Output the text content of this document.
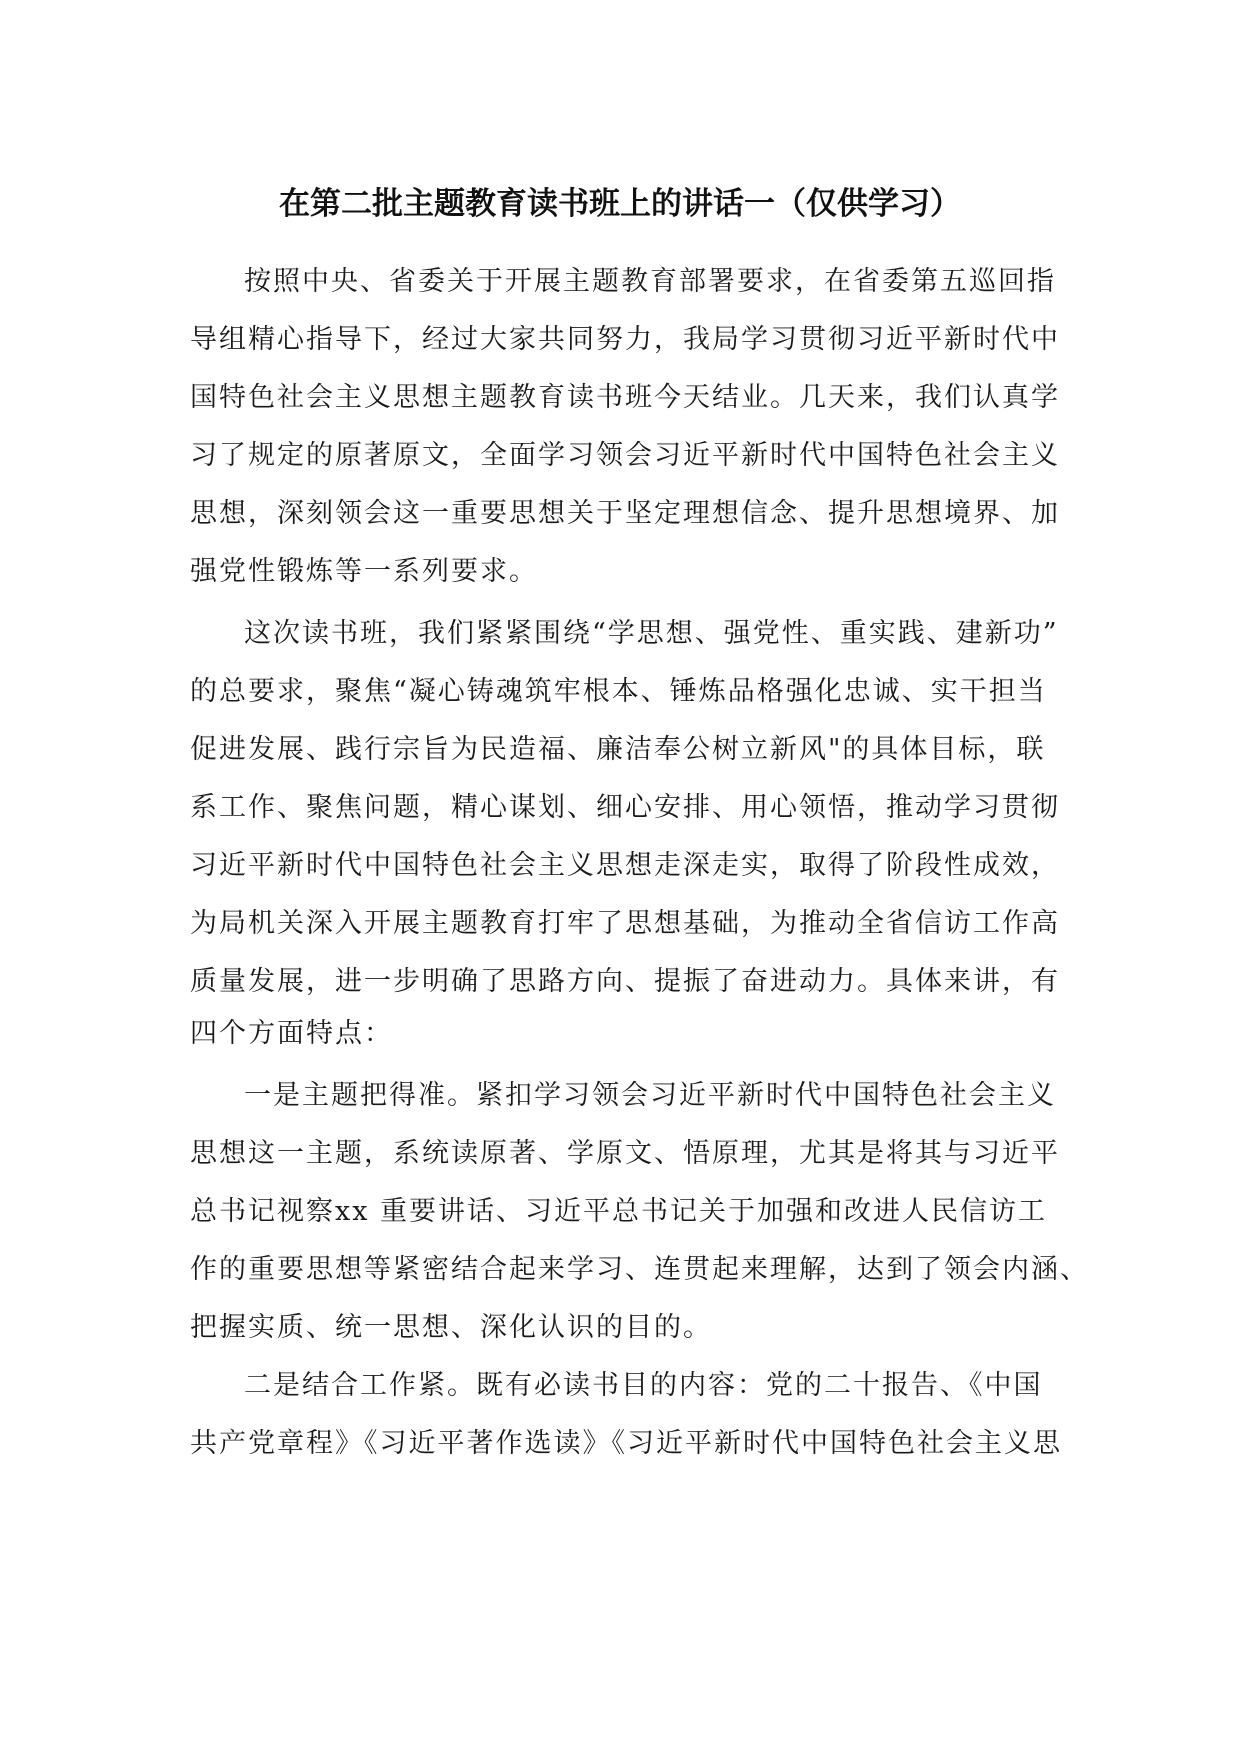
在第二批主题教育读书班上的讲话一（仅供学习）
按照中央、省委关于开展主题教育部署要求，在省委第五巡回指
导组精心指导下，经过大家共同努力，我局学习贯彻习近平新时代中
国特色社会主义思想主题教育读书班今天结业。几天来，我们认真学
习了规定的原著原文，全面学习领会习近平新时代中国特色社会主义
思想，深刻领会这一重要思想关于坚定理想信念、提升思想境界、加
强党性锻炼等一系列要求。
这次读书班，我们紧紧围绕“学思想、强党性、重实践、建新功”
的总要求，聚焦“凝心铸魂筑牢根本、锤炼品格强化忠诚、实干担当
促进发展、践行宗旨为民造福、廉洁奉公树立新风"的具体目标，联
系工作、聚焦问题，精心谋划、细心安排、用心领悟，推动学习贯彻
习近平新时代中国特色社会主义思想走深走实，取得了阶段性成效，
为局机关深入开展主题教育打牢了思想基础，为推动全省信访工作高
质量发展，进一步明确了思路方向、提振了奋进动力。具体来讲，有
四个方面特点：
一是主题把得准。紧扣学习领会习近平新时代中国特色社会主义
思想这一主题，系统读原著、学原文、悟原理，尤其是将其与习近平
总书记视察xx 重要讲话、习近平总书记关于加强和改进人民信访工
作的重要思想等紧密结合起来学习、连贯起来理解，达到了领会内涵、
把握实质、统一思想、深化认识的目的。
二是结合工作紧。既有必读书目的内容：党的二十报告、《中国
共产党章程》《习近平著作选读》《习近平新时代中国特色社会主义思
